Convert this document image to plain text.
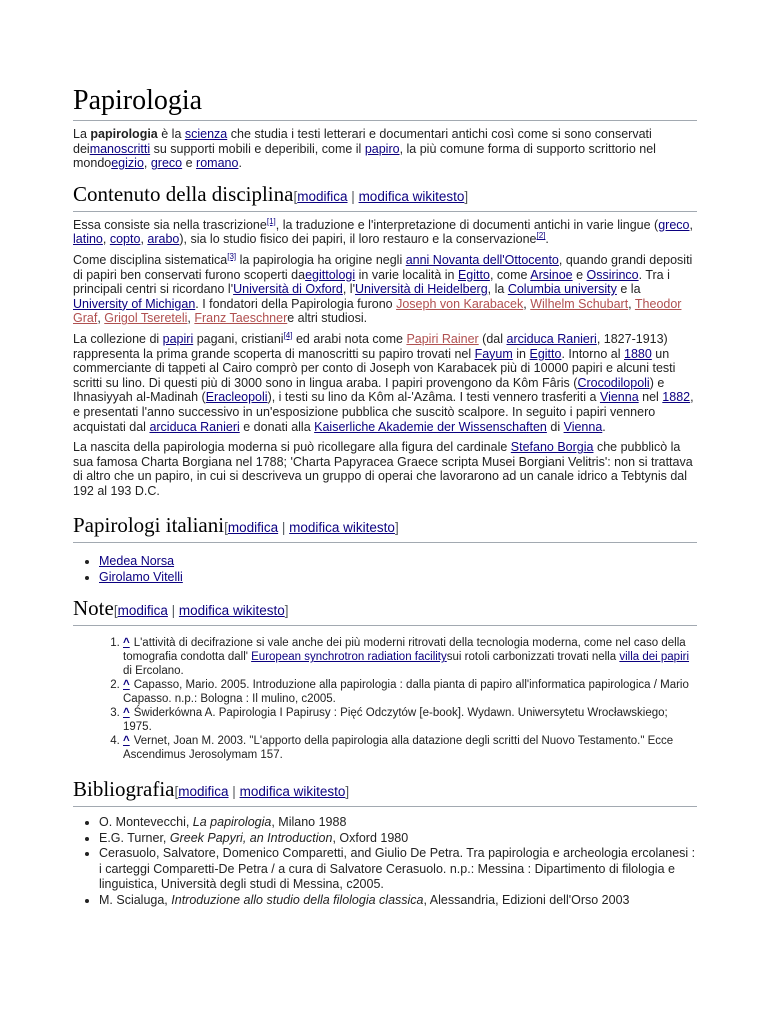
Papirologia

La papirologia è la scienza che studia i testi letterari e documentari antichi così come si sono conservati deimanoscritti su supporti mobili e deperibili, come il papiro, la più comune forma di supporto scrittorio nel mondoegizio, greco e romano.

Contenuto della disciplina[modifica | modifica wikitesto]

Essa consiste sia nella trascrizione[1], la traduzione e l'interpretazione di documenti antichi in varie lingue (greco, latino, copto, arabo), sia lo studio fisico dei papiri, il loro restauro e la conservazione[2].

Come disciplina sistematica[3] la papirologia ha origine negli anni Novanta dell'Ottocento, quando grandi depositi di papiri ben conservati furono scoperti daegittologi in varie località in Egitto, come Arsinoe e Ossirinco. Tra i principali centri si ricordano l'Università di Oxford, l'Università di Heidelberg, la Columbia university e la University of Michigan. I fondatori della Papirologia furono Joseph von Karabacek, Wilhelm Schubart, Theodor Graf, Grigol Tsereteli, Franz Taeschnere altri studiosi.

La collezione di papiri pagani, cristiani[4] ed arabi nota come Papiri Rainer (dal arciduca Ranieri, 1827-1913) rappresenta la prima grande scoperta di manoscritti su papiro trovati nel Fayum in Egitto. Intorno al 1880 un commerciante di tappeti al Cairo comprò per conto di Joseph von Karabacek più di 10000 papiri e alcuni testi scritti su lino. Di questi più di 3000 sono in lingua araba. I papiri provengono da Kôm Fâris (Crocodilopoli) e Ihnasiyyah al-Madinah (Eracleopoli), i testi su lino da Kôm al-'Azâma. I testi vennero trasferiti a Vienna nel 1882, e presentati l'anno successivo in un'esposizione pubblica che suscitò scalpore. In seguito i papiri vennero acquistati dal arciduca Ranieri e donati alla Kaiserliche Akademie der Wissenschaften di Vienna.

La nascita della papirologia moderna si può ricollegare alla figura del cardinale Stefano Borgia che pubblicò la sua famosa Charta Borgiana nel 1788; 'Charta Papyracea Graece scripta Musei Borgiani Velitris': non si trattava di altro che un papiro, in cui si descriveva un gruppo di operai che lavorarono ad un canale idrico a Tebtynis dal 192 al 193 D.C.

Papirologi italiani[modifica | modifica wikitesto]
• Medea Norsa
• Girolamo Vitelli
Note[modifica | modifica wikitesto]
1. ^ L'attività di decifrazione si vale anche dei più moderni ritrovati della tecnologia moderna, come nel caso della tomografia condotta dall' European synchrotron radiation facilitysui rotoli carbonizzati trovati nella villa dei papiri di Ercolano.
2. ^ Capasso, Mario. 2005. Introduzione alla papirologia : dalla pianta di papiro all'informatica papirologica / Mario Capasso. n.p.: Bologna : Il mulino, c2005.
3. ^ Świderkówna A. Papirologia I Papirusy : Pięć Odczytów [e-book]. Wydawn. Uniwersytetu Wrocławskiego; 1975.
4. ^ Vernet, Joan M. 2003. "L'apporto della papirologia alla datazione degli scritti del Nuovo Testamento." Ecce Ascendimus Jerosolymam 157.
Bibliografia[modifica | modifica wikitesto]
• O. Montevecchi, La papirologia, Milano 1988
• E.G. Turner, Greek Papyri, an Introduction, Oxford 1980
• Cerasuolo, Salvatore, Domenico Comparetti, and Giulio De Petra. Tra papirologia e archeologia ercolanesi : i carteggi Comparetti-De Petra / a cura di Salvatore Cerasuolo. n.p.: Messina : Dipartimento di filologia e linguistica, Università degli studi di Messina, c2005.
• M. Scialuga, Introduzione allo studio della filologia classica, Alessandria, Edizioni dell'Orso 2003
